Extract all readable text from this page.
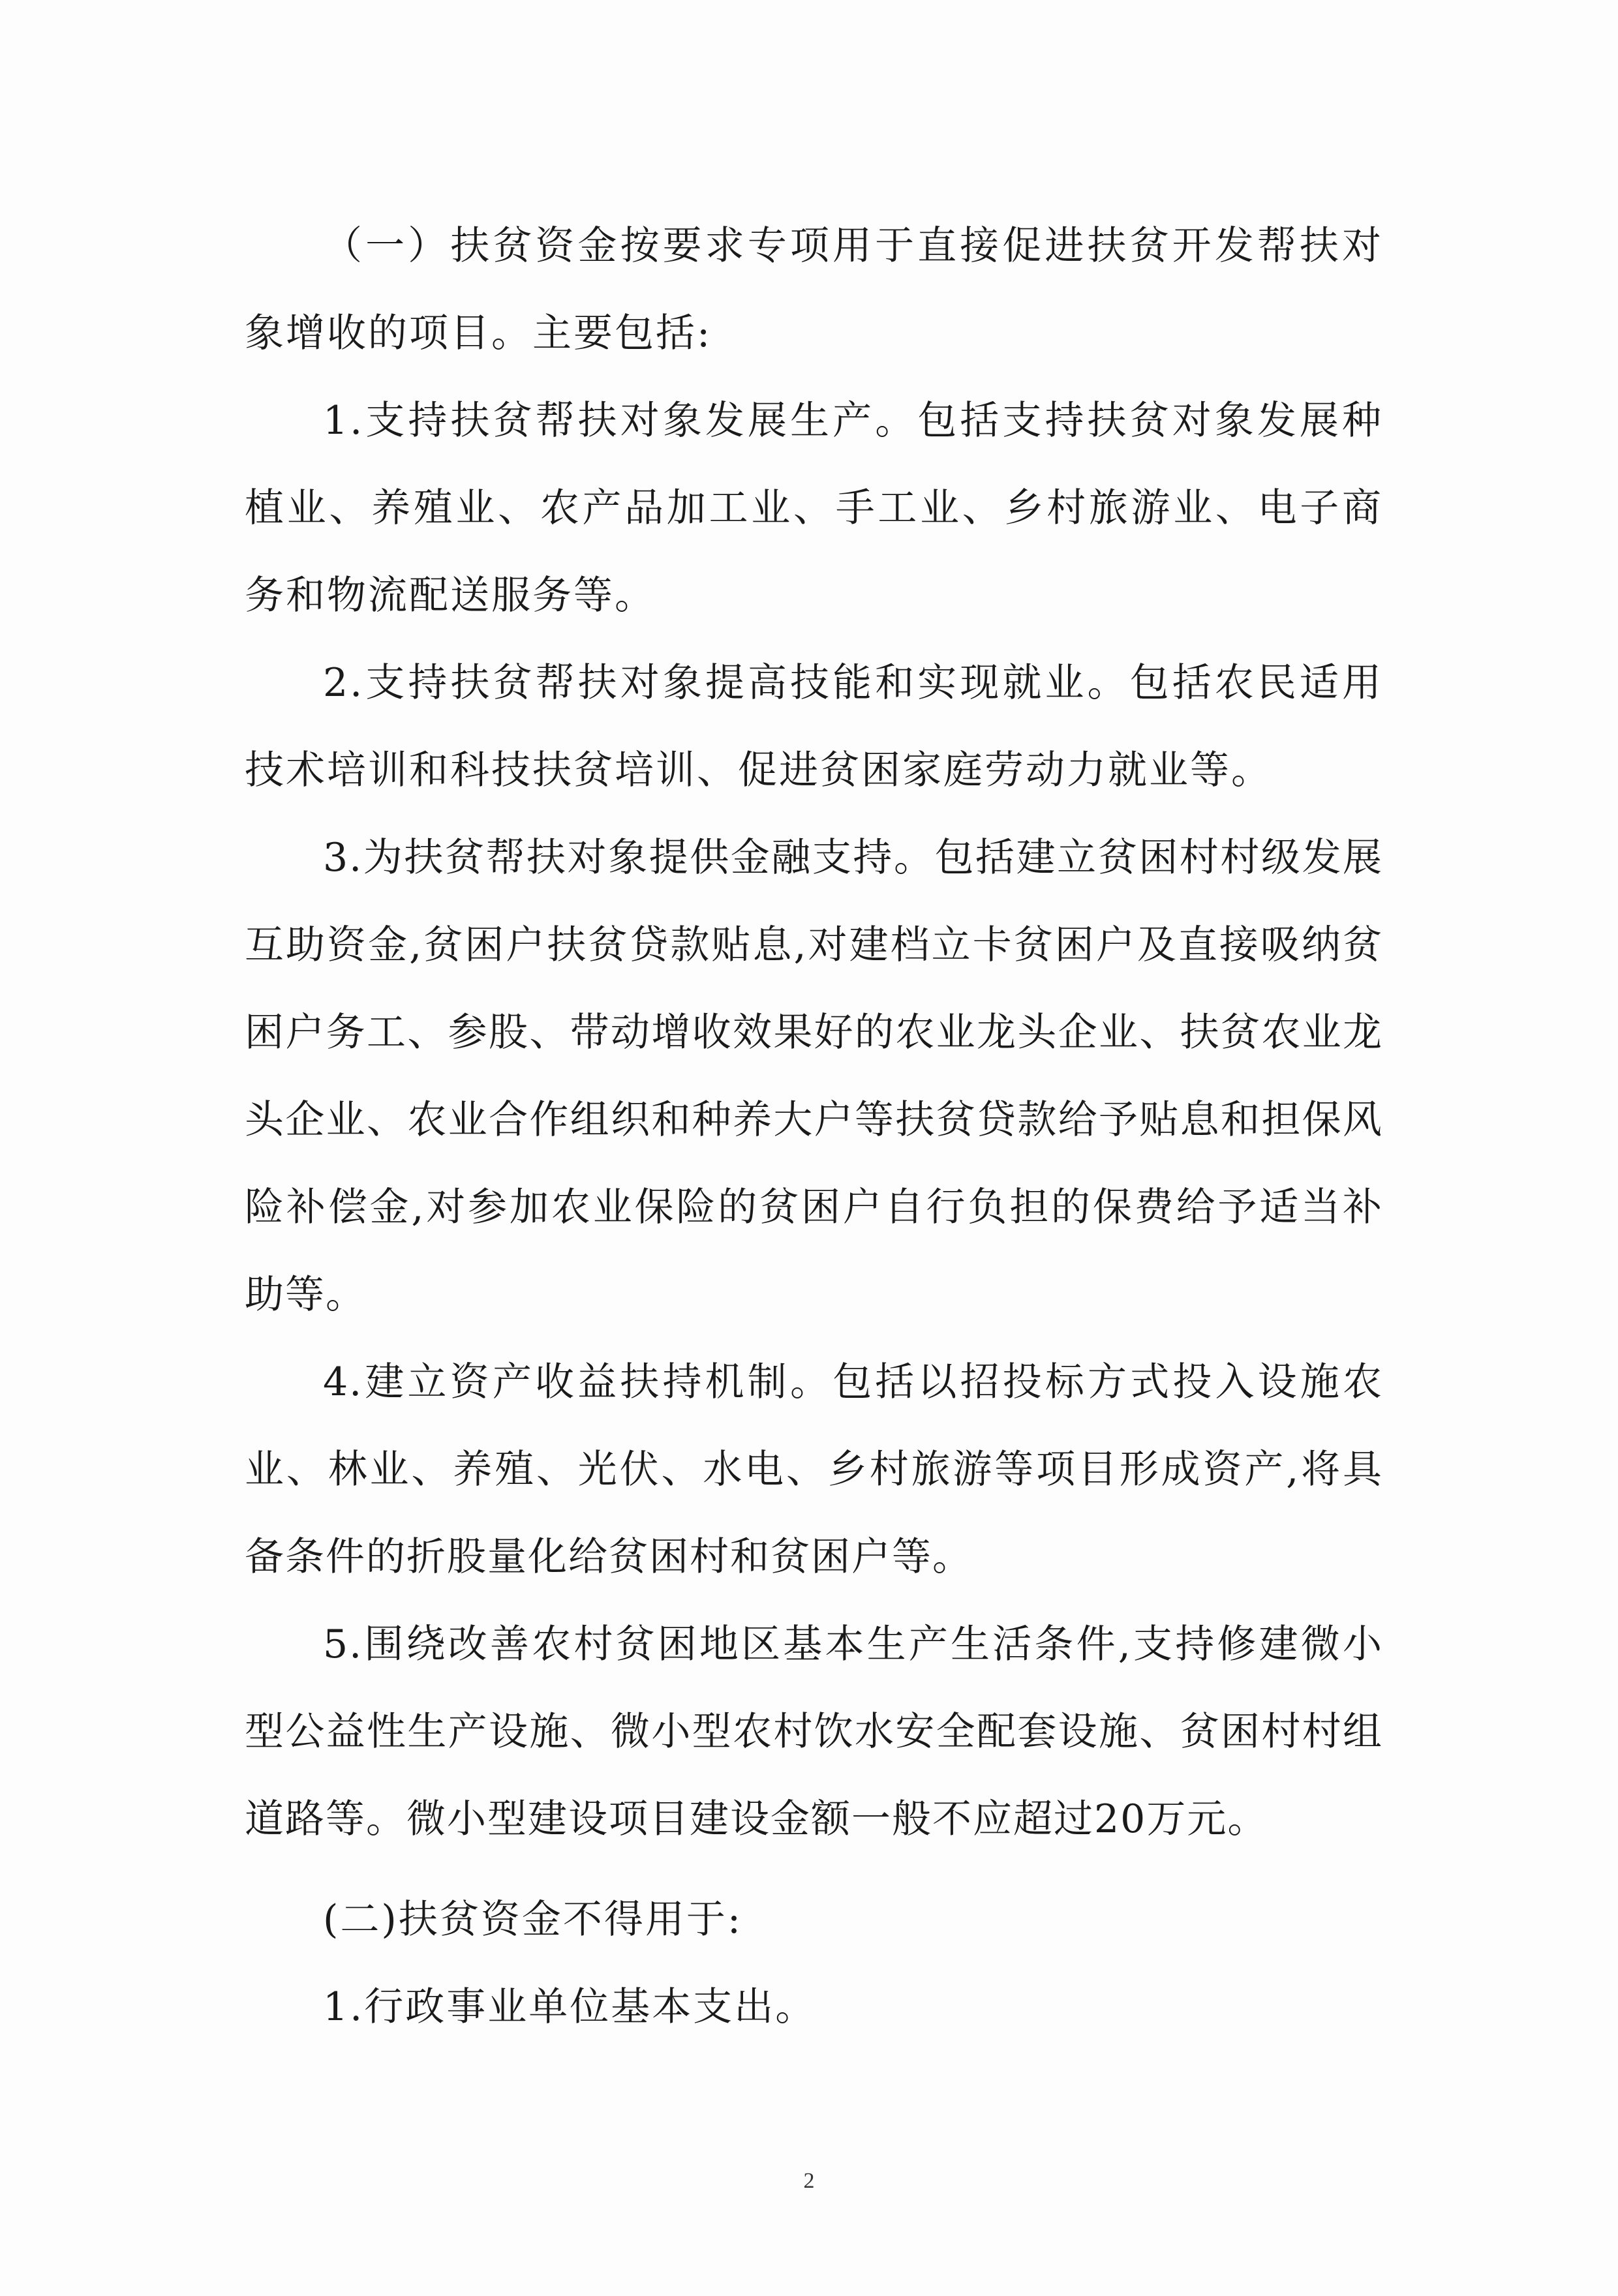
（一）扶贫资金按要求专项用于直接促进扶贫开发帮扶对象增收的项目。主要包括:

1.支持扶贫帮扶对象发展生产。包括支持扶贫对象发展种植业、养殖业、农产品加工业、手工业、乡村旅游业、电子商务和物流配送服务等。

2.支持扶贫帮扶对象提高技能和实现就业。包括农民适用技术培训和科技扶贫培训、促进贫困家庭劳动力就业等。

3.为扶贫帮扶对象提供金融支持。包括建立贫困村村级发展互助资金,贫困户扶贫贷款贴息,对建档立卡贫困户及直接吸纳贫困户务工、参股、带动增收效果好的农业龙头企业、扶贫农业龙头企业、农业合作组织和种养大户等扶贫贷款给予贴息和担保风险补偿金,对参加农业保险的贫困户自行负担的保费给予适当补助等。

4.建立资产收益扶持机制。包括以招投标方式投入设施农业、林业、养殖、光伏、水电、乡村旅游等项目形成资产,将具备条件的折股量化给贫困村和贫困户等。

5.围绕改善农村贫困地区基本生产生活条件,支持修建微小型公益性生产设施、微小型农村饮水安全配套设施、贫困村村组道路等。微小型建设项目建设金额一般不应超过20万元。

(二)扶贫资金不得用于:

1.行政事业单位基本支出。

2
